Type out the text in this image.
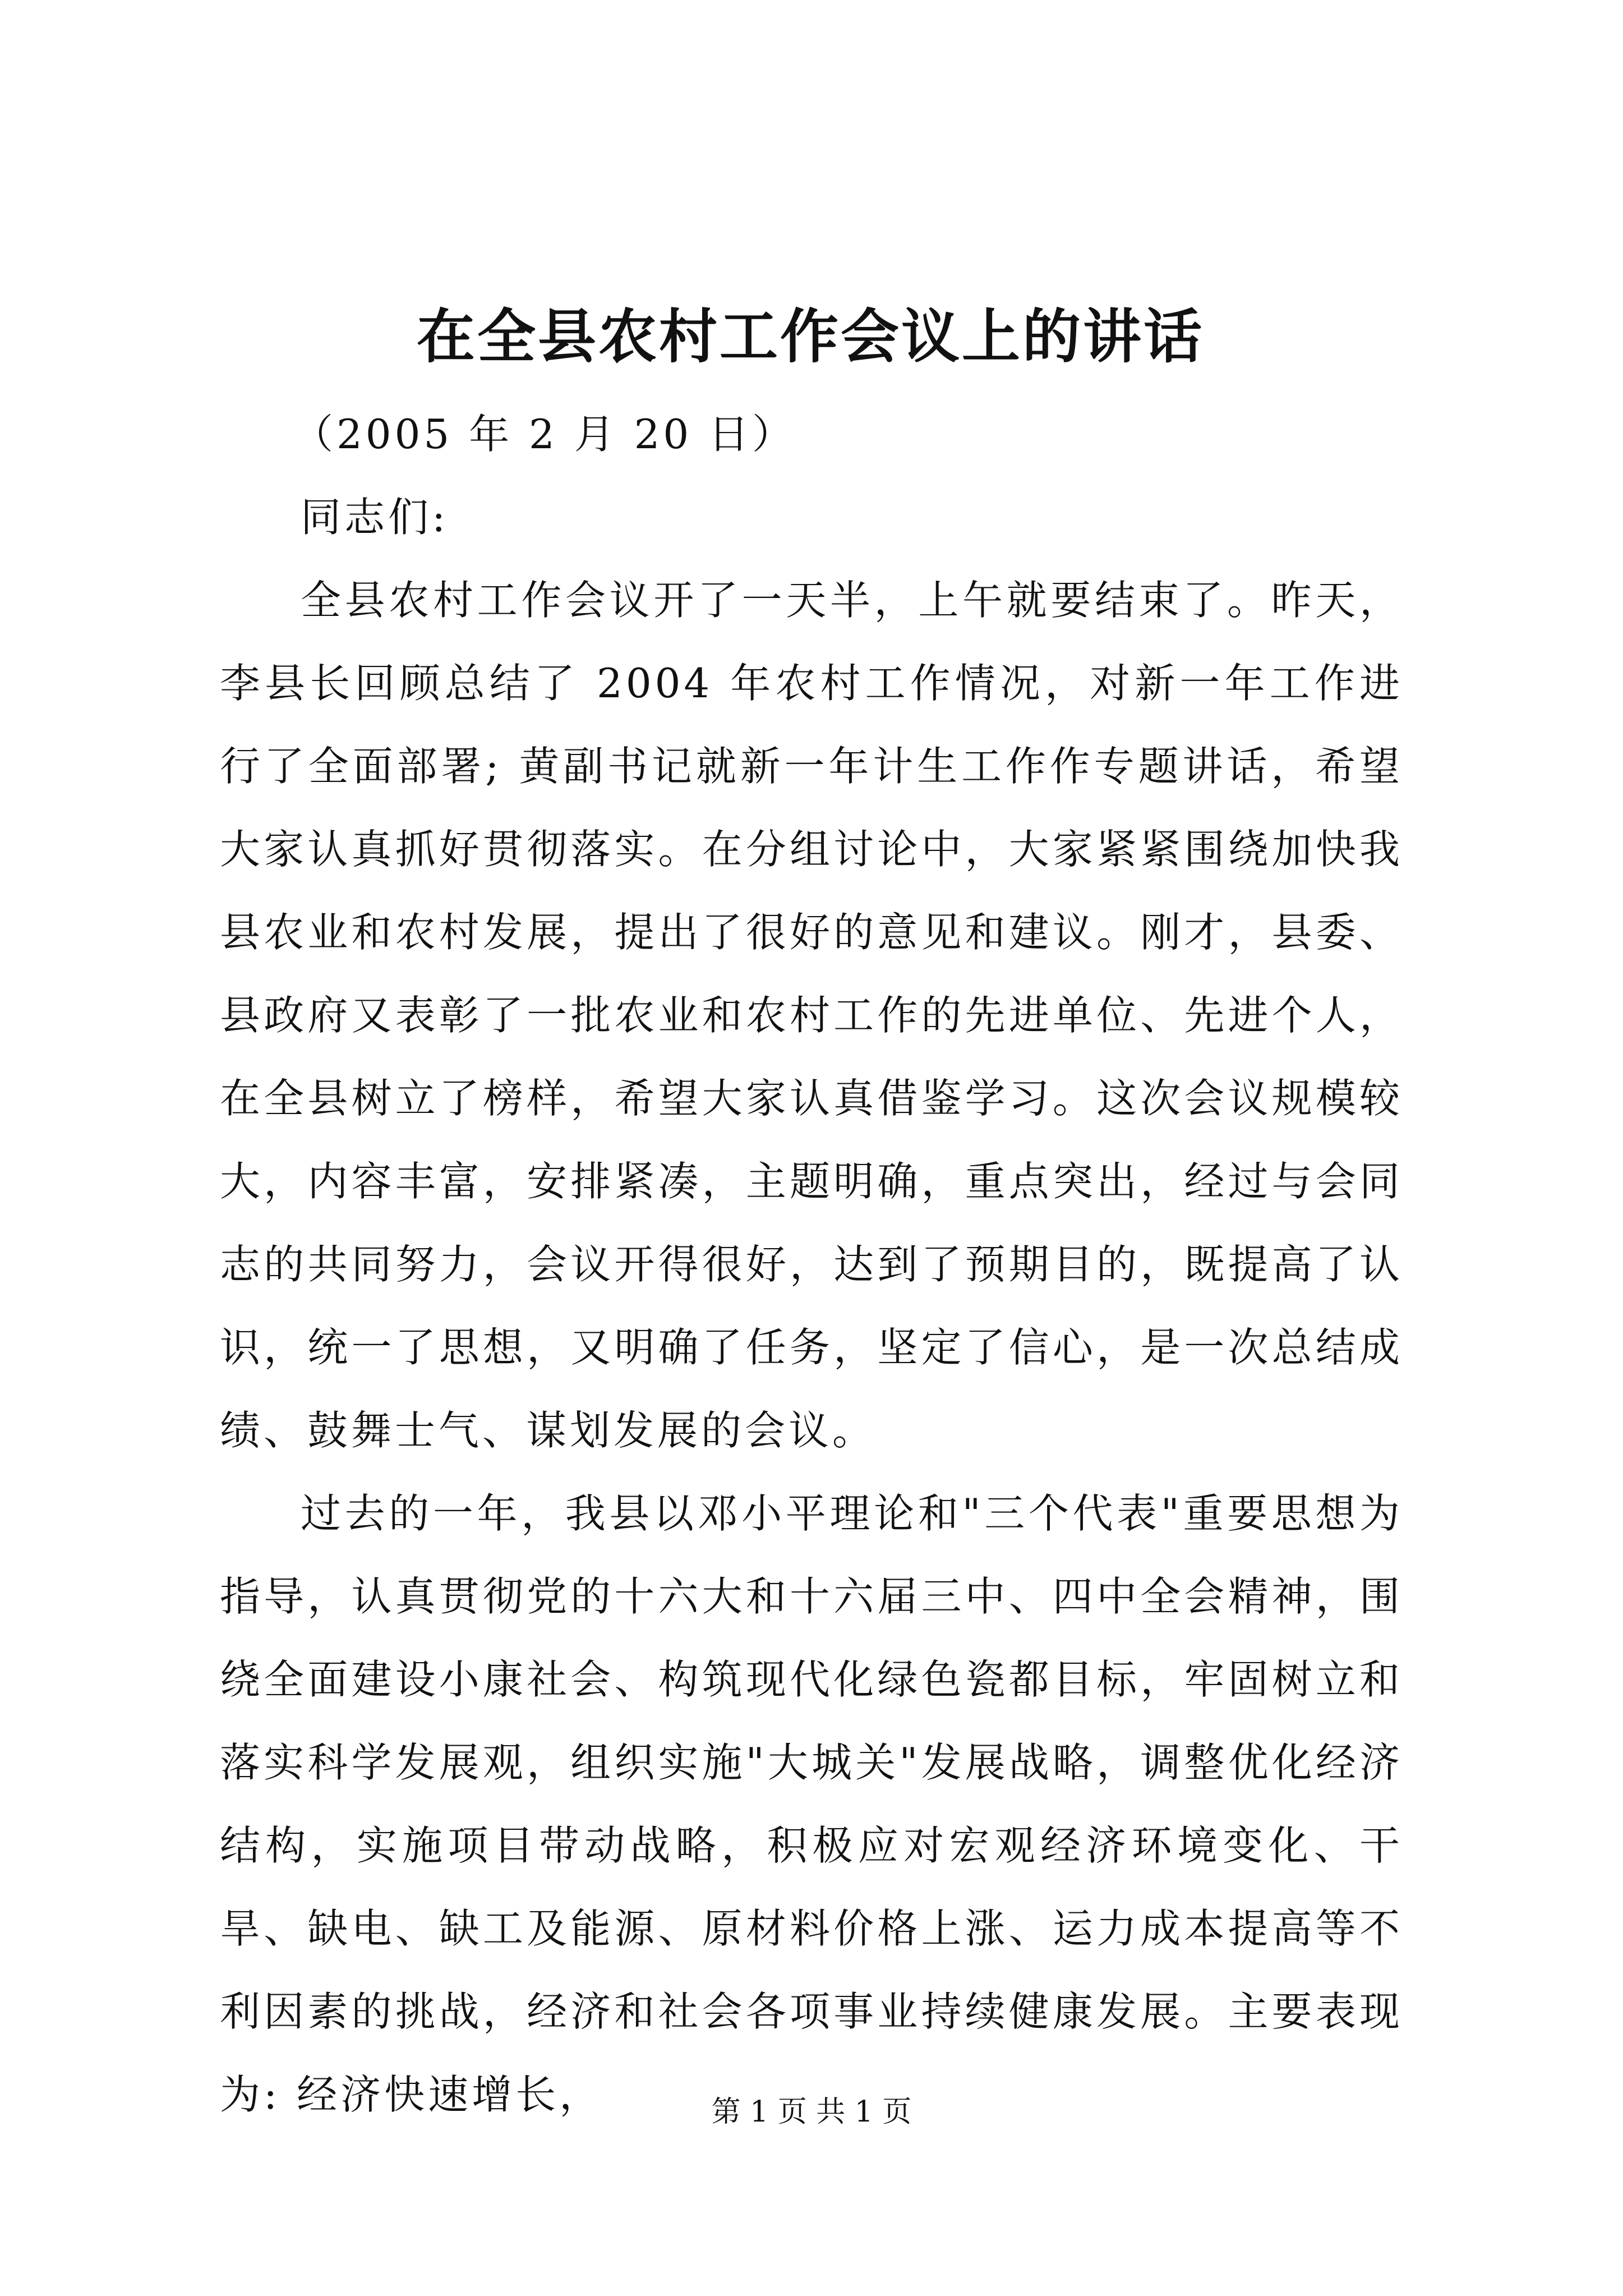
在全县农村工作会议上的讲话

（2005 年 2 月 20 日）

同志们:

全县农村工作会议开了一天半，上午就要结束了。昨天，李县长回顾总结了 2004 年农村工作情况，对新一年工作进行了全面部署; 黄副书记就新一年计生工作作专题讲话，希望大家认真抓好贯彻落实。在分组讨论中，大家紧紧围绕加快我县农业和农村发展，提出了很好的意见和建议。刚才，县委、县政府又表彰了一批农业和农村工作的先进单位、先进个人，在全县树立了榜样，希望大家认真借鉴学习。这次会议规模较大，内容丰富，安排紧凑，主题明确，重点突出，经过与会同志的共同努力，会议开得很好，达到了预期目的，既提高了认识，统一了思想，又明确了任务，坚定了信心，是一次总结成绩、鼓舞士气、谋划发展的会议。

过去的一年，我县以邓小平理论和"三个代表"重要思想为指导，认真贯彻党的十六大和十六届三中、四中全会精神，围绕全面建设小康社会、构筑现代化绿色瓷都目标，牢固树立和落实科学发展观，组织实施"大城关"发展战略，调整优化经济结构，实施项目带动战略，积极应对宏观经济环境变化、干旱、缺电、缺工及能源、原材料价格上涨、运力成本提高等不利因素的挑战，经济和社会各项事业持续健康发展。主要表现为: 经济快速增长，	第 1 页 共 1 页
